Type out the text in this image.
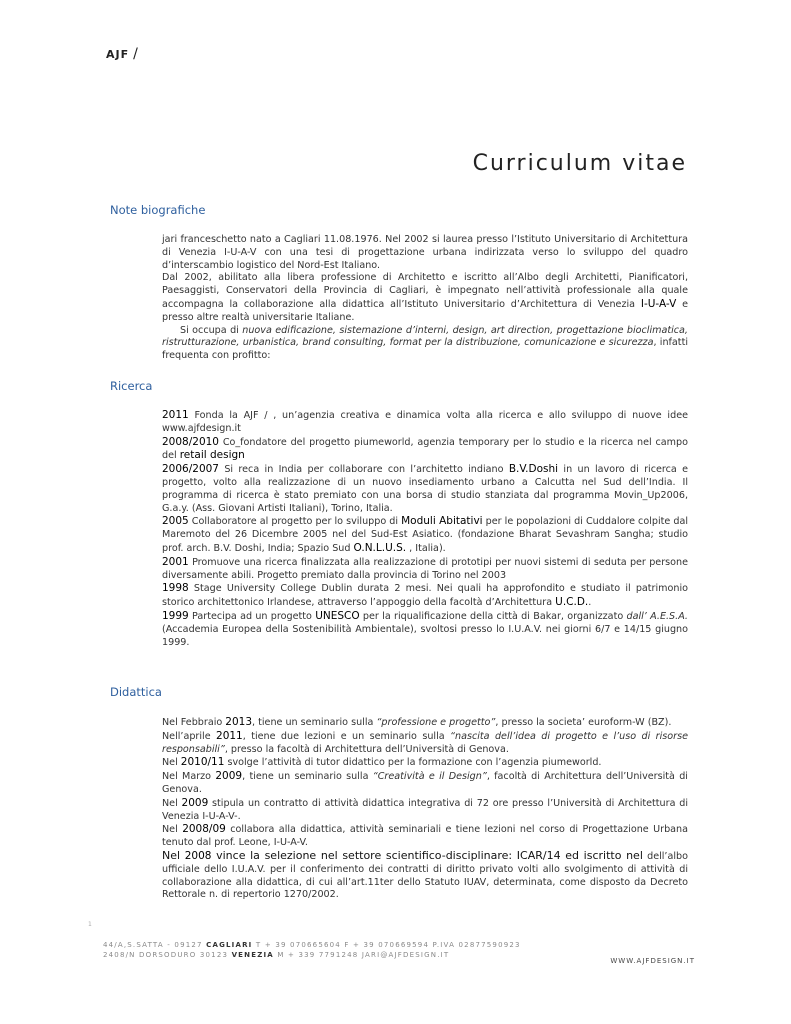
AJF /
Curriculum vitae
Note biografiche

jari franceschetto nato a Cagliari 11.08.1976. Nel 2002 si laurea presso l’Istituto Universitario di Architettura di Venezia I-U-A-V con una tesi di progettazione urbana indirizzata verso lo sviluppo del quadro d’interscambio logistico del Nord-Est Italiano.

Dal 2002, abilitato alla libera professione di Architetto e iscritto all’Albo degli Architetti, Pianificatori, Paesaggisti, Conservatori della Provincia di Cagliari, è impegnato nell’attività professionale alla quale accompagna la collaborazione alla didattica all’Istituto Universitario d’Architettura di Venezia I-U-A-V e presso altre realtà universitarie Italiane.

Si occupa di nuova edificazione, sistemazione d’interni, design, art direction, progettazione bioclimatica, ristrutturazione, urbanistica, brand consulting, format per la distribuzione, comunicazione e sicurezza, infatti frequenta con profitto:

Ricerca

2011 Fonda la AJF / , un’agenzia creativa e dinamica volta alla ricerca e allo sviluppo di nuove idee www.ajfdesign.it

2008/2010 Co_fondatore del progetto piumeworld, agenzia temporary per lo studio e la ricerca nel campo del retail design

2006/2007 Si reca in India per collaborare con l’architetto indiano B.V.Doshi in un lavoro di ricerca e progetto, volto alla realizzazione di un nuovo insediamento urbano a Calcutta nel Sud dell’India. Il programma di ricerca è stato premiato con una borsa di studio stanziata dal programma Movin_Up2006, G.a.y. (Ass. Giovani Artisti Italiani), Torino, Italia.

2005 Collaboratore al progetto per lo sviluppo di Moduli Abitativi per le popolazioni di Cuddalore colpite dal Maremoto del 26 Dicembre 2005 nel del Sud-Est Asiatico. (fondazione Bharat Sevashram Sangha; studio prof. arch. B.V. Doshi, India; Spazio Sud O.N.L.U.S. , Italia).

2001 Promuove una ricerca finalizzata alla realizzazione di prototipi per nuovi sistemi di seduta per persone diversamente abili. Progetto premiato dalla provincia di Torino nel 2003

1998 Stage University College Dublin durata 2 mesi. Nei quali ha approfondito e studiato il patrimonio storico architettonico Irlandese, attraverso l’appoggio della facoltà d’Architettura U.C.D..

1999 Partecipa ad un progetto UNESCO per la riqualificazione della città di Bakar, organizzato dall’ A.E.S.A. (Accademia Europea della Sostenibilità Ambientale), svoltosi presso lo I.U.A.V. nei giorni 6/7 e 14/15 giugno 1999.

Didattica

Nel Febbraio 2013, tiene un seminario sulla “professione e progetto”, presso la societa’ euroform-W (BZ).

Nell’aprile 2011, tiene due lezioni e un seminario sulla “nascita dell’idea di progetto e l’uso di risorse responsabili”, presso la facoltà di Architettura dell’Università di Genova.

Nel 2010/11 svolge l’attività di tutor didattico per la formazione con l’agenzia piumeworld.

Nel Marzo 2009, tiene un seminario sulla “Creatività e il Design”, facoltà di Architettura dell’Università di Genova.

Nel 2009 stipula un contratto di attività didattica integrativa di 72 ore presso l’Università di Architettura di Venezia I-U-A-V-.

Nel 2008/09 collabora alla didattica, attività seminariali e tiene lezioni nel corso di Progettazione Urbana tenuto dal prof. Leone, I-U-A-V.

Nel 2008 vince la selezione nel settore scientifico-disciplinare: ICAR/14 ed iscritto nel dell’albo ufficiale dello I.U.A.V. per il conferimento dei contratti di diritto privato volti allo svolgimento di attività di collaborazione alla didattica, di cui all’art.11ter dello Statuto IUAV, determinata, come disposto da Decreto Rettorale n. di repertorio 1270/2002.

1
44/A,S.SATTA - 09127 CAGLIARI T + 39 070665604 F + 39 070669594 P.IVA 02877590923
2408/N DORSODURO 30123 VENEZIA M + 339 7791248 JARI@AJFDESIGN.IT
WWW.AJFDESIGN.IT
